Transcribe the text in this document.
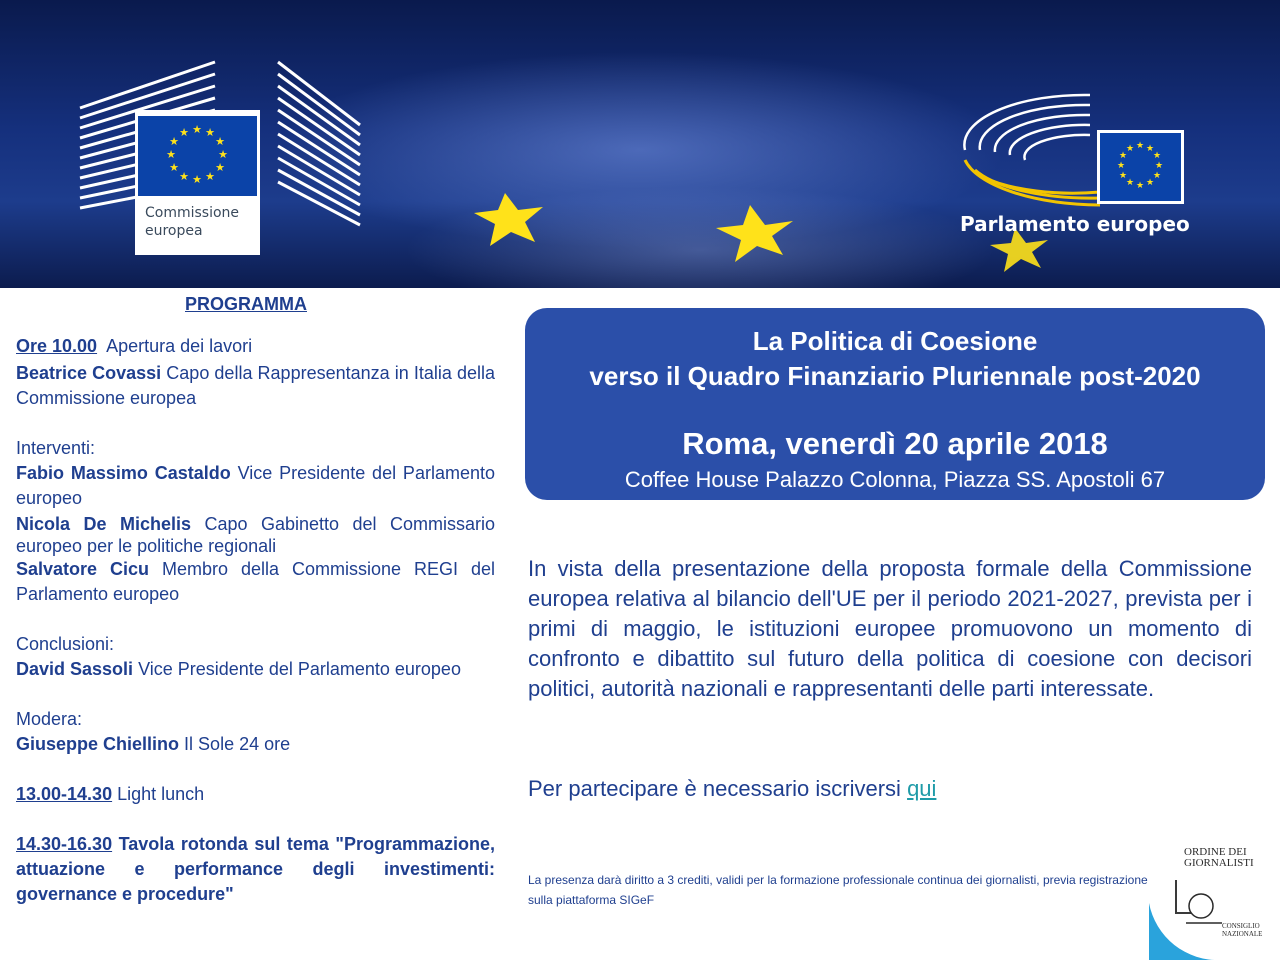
★ ★
★
★
★
★
★
★
★
★
★
★
Commissione europea
★ ★
★
★
★
★
★
★
★
★
★
★
Parlamento europeo
PROGRAMMA

Ore 10.00 Apertura dei lavori

Beatrice Covassi Capo della Rappresentanza in Italia della Commissione europea

Interventi:

Fabio Massimo Castaldo Vice Presidente del Parlamento europeo

Nicola De Michelis Capo Gabinetto del Commissario europeo per le politiche regionali

Salvatore Cicu Membro della Commissione REGI del Parlamento europeo

Conclusioni:

David Sassoli Vice Presidente del Parlamento europeo

Modera:

Giuseppe Chiellino Il Sole 24 ore

13.00-14.30 Light lunch

14.30-16.30 Tavola rotonda sul tema "Programmazione, attuazione e performance degli investimenti: governance e procedure"

La Politica di Coesione
verso il Quadro Finanziario Pluriennale post-2020
Roma, venerdì 20 aprile 2018
Coffee House Palazzo Colonna, Piazza SS. Apostoli 67

In vista della presentazione della proposta formale della Commissione europea relativa al bilancio dell'UE per il periodo 2021-2027, prevista per i primi di maggio, le istituzioni europee promuovono un momento di confronto e dibattito sul futuro della politica di coesione con decisori politici, autorità nazionali e rappresentanti delle parti interessate.

Per partecipare è necessario iscriversi qui
La presenza darà diritto a 3 crediti, validi per la formazione professionale continua dei giornalisti, previa registrazione sulla piattaforma SIGeF
ORDINE DEI GIORNALISTI
CONSIGLIO NAZIONALE
